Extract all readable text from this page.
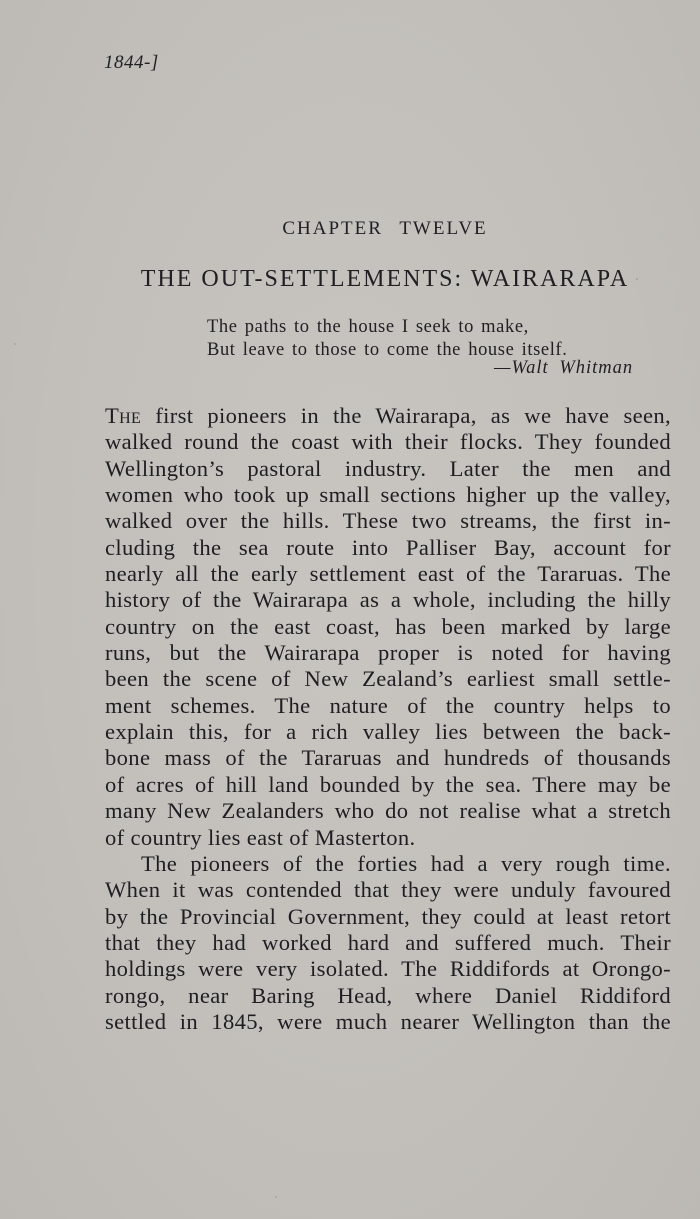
1844-]
CHAPTER TWELVE
THE OUT-SETTLEMENTS: WAIRARAPA
The paths to the house I seek to make,
But leave to those to come the house itself.
—Walt Whitman
The first pioneers in the Wairarapa, as we have seen,
walked round the coast with their flocks. They founded
Wellington’s pastoral industry. Later the men and
women who took up small sections higher up the valley,
walked over the hills. These two streams, the first in-
cluding the sea route into Palliser Bay, account for
nearly all the early settlement east of the Tararuas. The
history of the Wairarapa as a whole, including the hilly
country on the east coast, has been marked by large
runs, but the Wairarapa proper is noted for having
been the scene of New Zealand’s earliest small settle-
ment schemes. The nature of the country helps to
explain this, for a rich valley lies between the back-
bone mass of the Tararuas and hundreds of thousands
of acres of hill land bounded by the sea. There may be
many New Zealanders who do not realise what a stretch
of country lies east of Masterton.
The pioneers of the forties had a very rough time.
When it was contended that they were unduly favoured
by the Provincial Government, they could at least retort
that they had worked hard and suffered much. Their
holdings were very isolated. The Riddifords at Orongo-
rongo, near Baring Head, where Daniel Riddiford
settled in 1845, were much nearer Wellington than the
